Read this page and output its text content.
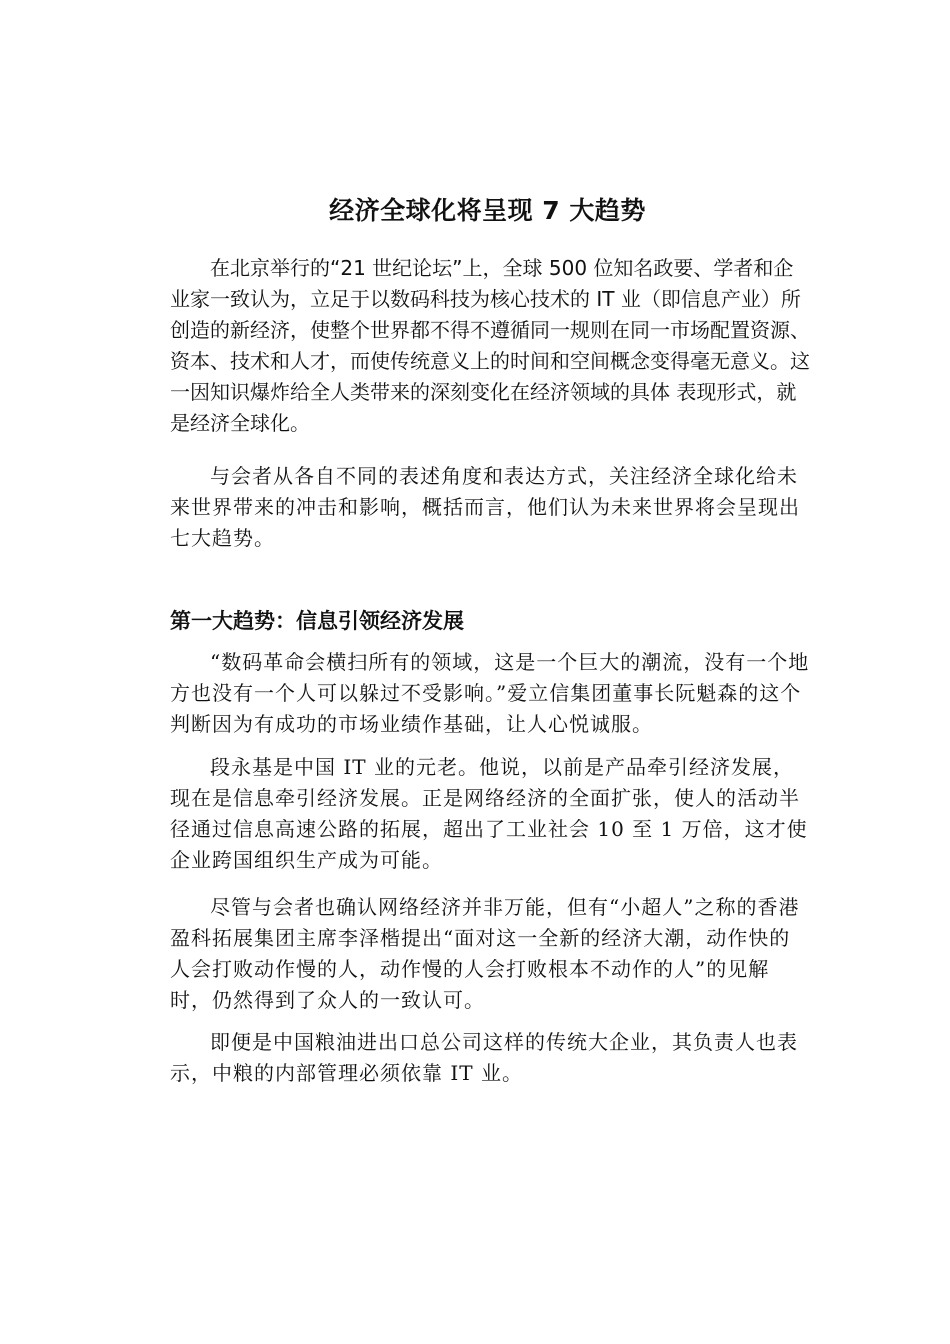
经济全球化将呈现 7 大趋势

在北京举行的“21 世纪论坛”上，全球 500 位知名政要、学者和企业家一致认为，立足于以数码科技为核心技术的 IT 业（即信息产业）所创造的新经济，使整个世界都不得不遵循同一规则在同一市场配置资源、资本、技术和人才，而使传统意义上的时间和空间概念变得毫无意义。这一因知识爆炸给全人类带来的深刻变化在经济领域的具体 表现形式，就是经济全球化。

与会者从各自不同的表述角度和表达方式，关注经济全球化给未来世界带来的冲击和影响，概括而言，他们认为未来世界将会呈现出七大趋势。

第一大趋势：信息引领经济发展

“数码革命会横扫所有的领域，这是一个巨大的潮流，没有一个地方也没有一个人可以躲过不受影响。”爱立信集团董事长阮魁森的这个判断因为有成功的市场业绩作基础，让人心悦诚服。

段永基是中国 IT 业的元老。他说，以前是产品牵引经济发展，现在是信息牵引经济发展。正是网络经济的全面扩张，使人的活动半径通过信息高速公路的拓展，超出了工业社会 10 至 1 万倍，这才使企业跨国组织生产成为可能。

尽管与会者也确认网络经济并非万能，但有“小超人”之称的香港盈科拓展集团主席李泽楷提出“面对这一全新的经济大潮，动作快的人会打败动作慢的人，动作慢的人会打败根本不动作的人”的见解时，仍然得到了众人的一致认可。

即便是中国粮油进出口总公司这样的传统大企业，其负责人也表示，中粮的内部管理必须依靠 IT 业。
